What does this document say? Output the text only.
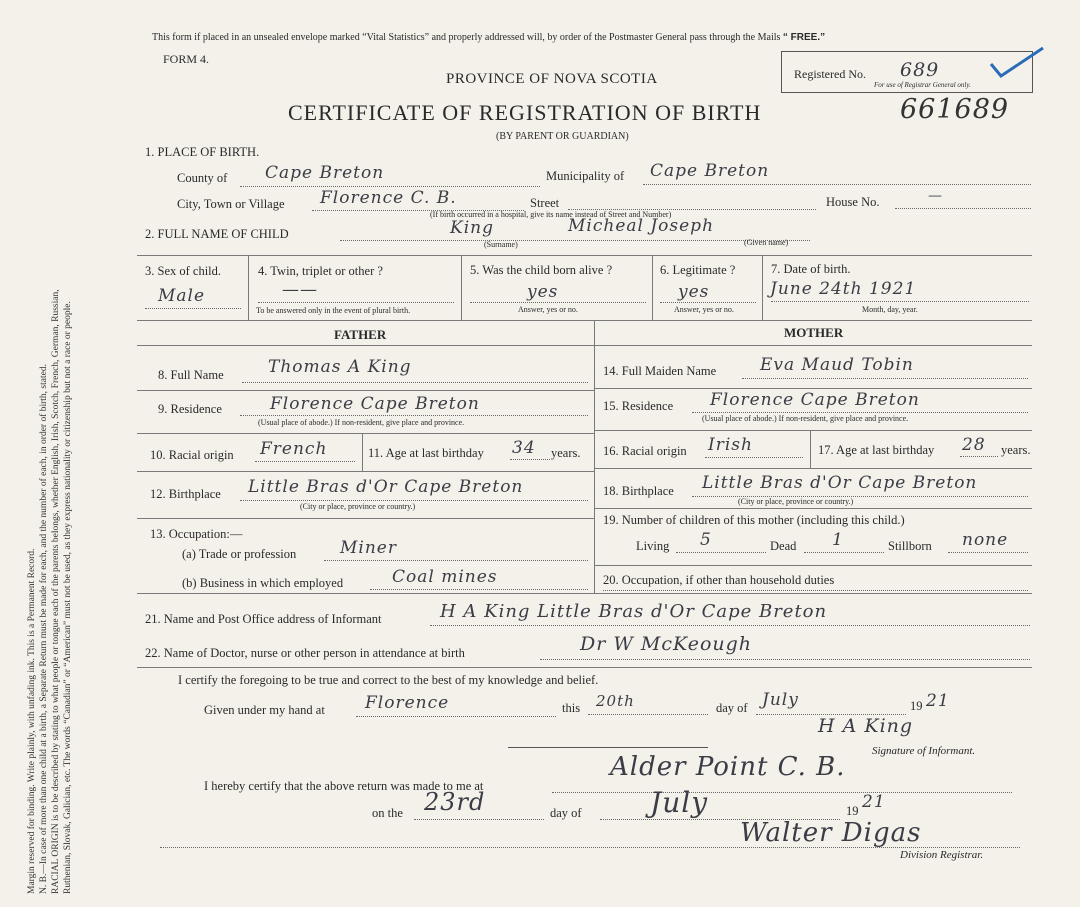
Margin reserved for binding. Write plainly, with unfading ink. This is a Permanent Record. N. B.—In case of more than one child at a birth, a Separate Return must be made for each, and the number of each, in order of birth, stated. RACIAL ORIGIN is to be described by stating to what people or tongue each of the parents belongs, whether English, Irish, Scotch, French, German, Russian, Ruthenian, Slovak, Galician, etc. The words “Canadian” or “American” must not be used, as they express nationality or citizenship but not a race or people.
This form if placed in an unsealed envelope marked “Vital Statistics” and properly addressed will, by order of the Postmaster General pass through the Mails “ FREE.”
FORM 4.
Registered No. 689
For use of Registrar General only.
PROVINCE OF NOVA SCOTIA
CERTIFICATE OF REGISTRATION OF BIRTH	661689
(BY PARENT OR GUARDIAN)
1. PLACE OF BIRTH.
County of Cape Breton	Municipality of Cape Breton
City, Town or Village Florence C. B.	Street	House No.	—
(If birth occurred in a hospital, give its name instead of Street and Number)
2. FULL NAME OF CHILD	King	Micheal Joseph
(Surname)	(Given name)
3. Sex of child.
Male
4. Twin, triplet or other ?
——
To be answered only in the event of plural birth.
5. Was the child born alive ?
yes
Answer, yes or no.
6. Legitimate ?
yes
Answer, yes or no.
7. Date of birth.
June 24th 1921
Month, day, year.
FATHER	MOTHER
8. Full Name	Thomas A King
9. Residence	Florence Cape Breton
(Usual place of abode.) If non-resident, give place and province.
10. Racial origin French	11. Age at last birthday 34 years.
12. Birthplace Little Bras d'Or Cape Breton
(City or place, province or country.)
13. Occupation:—
(a) Trade or profession	Miner
(b) Business in which employed	Coal mines
14. Full Maiden Name	Eva Maud Tobin
15. Residence Florence Cape Breton
(Usual place of abode.) If non-resident, give place and province.
16. Racial origin Irish	17. Age at last birthday 28 years.
18. Birthplace Little Bras d'Or Cape Breton
(City or place, province or country.)
19. Number of children of this mother (including this child.)
Living 5	Dead 1	Stillborn none
20. Occupation, if other than household duties
21. Name and Post Office address of Informant	H A King Little Bras d'Or Cape Breton
22. Name of Doctor, nurse or other person in attendance at birth	Dr W McKeough
I certify the foregoing to be true and correct to the best of my knowledge and belief.
Given under my hand at Florence	this 20th	day of July	19 21
H A King
Signature of Informant.
I hereby certify that the above return was made to me at
Alder Point C. B.
on the 23rd	day of July	19 21
Walter Digas
Division Registrar.
